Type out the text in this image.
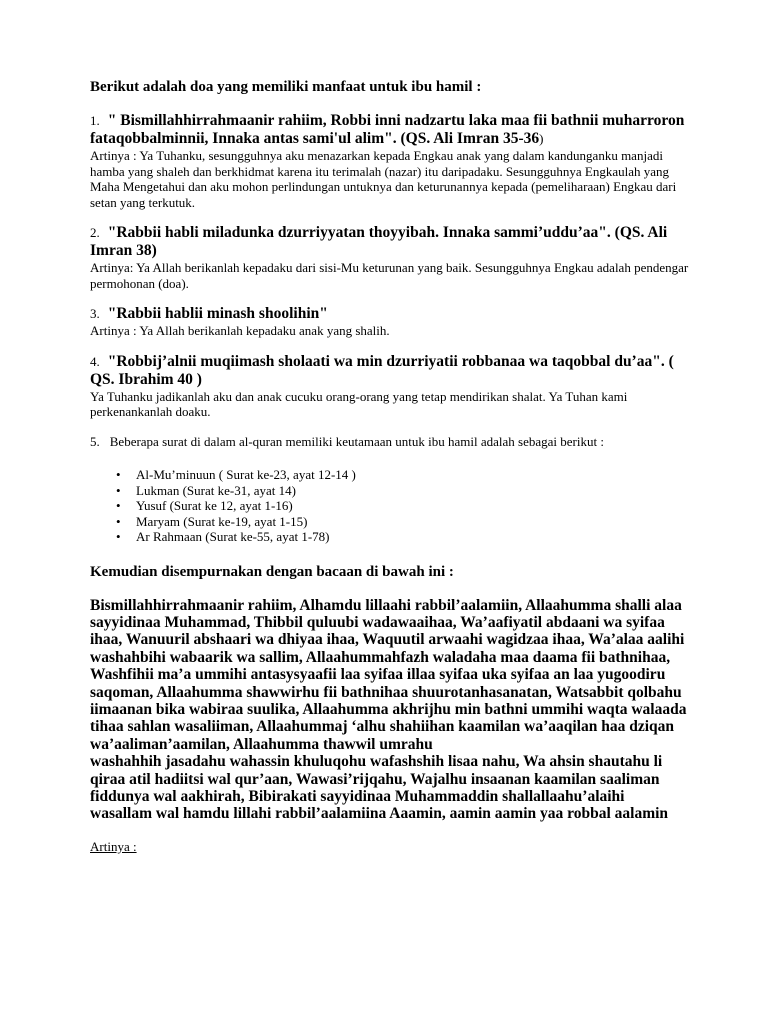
Berikut adalah doa yang memiliki manfaat untuk ibu hamil :

1. " Bismillahhirrahmaanir rahiim, Robbi inni nadzartu laka maa fii bathnii muharroron fataqobbalminnii, Innaka antas sami'ul alim". (QS. Ali Imran 35-36)
Artinya : Ya Tuhanku, sesungguhnya aku menazarkan kepada Engkau anak yang dalam kandunganku manjadi hamba yang shaleh dan berkhidmat karena itu terimalah (nazar) itu daripadaku. Sesungguhnya Engkaulah yang Maha Mengetahui dan aku mohon perlindungan untuknya dan keturunannya kepada (pemeliharaan) Engkau dari setan yang terkutuk.
2. "Rabbii habli miladunka dzurriyyatan thoyyibah. Innaka sammi’uddu’aa". (QS. Ali Imran 38)
Artinya: Ya Allah berikanlah kepadaku dari sisi-Mu keturunan yang baik. Sesungguhnya Engkau adalah pendengar permohonan (doa).
3. "Rabbii hablii minash shoolihin"
Artinya : Ya Allah berikanlah kepadaku anak yang shalih.
4. "Robbij’alnii muqiimash sholaati wa min dzurriyatii robbanaa wa taqobbal du’aa". ( QS. Ibrahim 40 )
Ya Tuhanku jadikanlah aku dan anak cucuku orang-orang yang tetap mendirikan shalat. Ya Tuhan kami perkenankanlah doaku.
5. Beberapa surat di dalam al-quran memiliki keutamaan untuk ibu hamil adalah sebagai berikut :
• Al-Mu’minuun ( Surat ke-23, ayat 12-14 )
• Lukman (Surat ke-31, ayat 14)
• Yusuf (Surat ke 12, ayat 1-16)
• Maryam (Surat ke-19, ayat 1-15)
• Ar Rahmaan (Surat ke-55, ayat 1-78)

Kemudian disempurnakan dengan bacaan di bawah ini :

Bismillahhirrahmaanir rahiim, Alhamdu lillaahi rabbil’aalamiin, Allaahumma shalli alaa sayyidinaa Muhammad, Thibbil quluubi wadawaaihaa, Wa’aafiyatil abdaani wa syifaa ihaa, Wanuuril abshaari wa dhiyaa ihaa, Waquutil arwaahi wagidzaa ihaa, Wa’alaa aalihi washahbihi wabaarik wa sallim, Allaahummahfazh waladaha maa daama fii bathnihaa, Washfihii ma’a ummihi antasysyaafii laa syifaa illaa syifaa uka syifaa an laa yugoodiru saqoman, Allaahumma shawwirhu fii bathnihaa shuurotanhasanatan, Watsabbit qolbahu iimaanan bika wabiraa suulika, Allaahumma akhrijhu min bathni ummihi waqta walaada tihaa sahlan wasaliiman, Allaahummaj ‘alhu shahiihan kaamilan wa’aaqilan haa dziqan wa’aaliman’aamilan, Allaahumma thawwil umrahu
washahhih jasadahu wahassin khuluqohu wafashshih lisaa nahu, Wa ahsin shautahu li qiraa atil hadiitsi wal qur’aan, Wawasi’rijqahu, Wajalhu insaanan kaamilan saaliman fiddunya wal aakhirah, Bibirakati sayyidinaa Muhammaddin shallallaahu’alaihi wasallam wal hamdu lillahi rabbil’aalamiina Aaamin, aamin aamin yaa robbal aalamin

Artinya :
